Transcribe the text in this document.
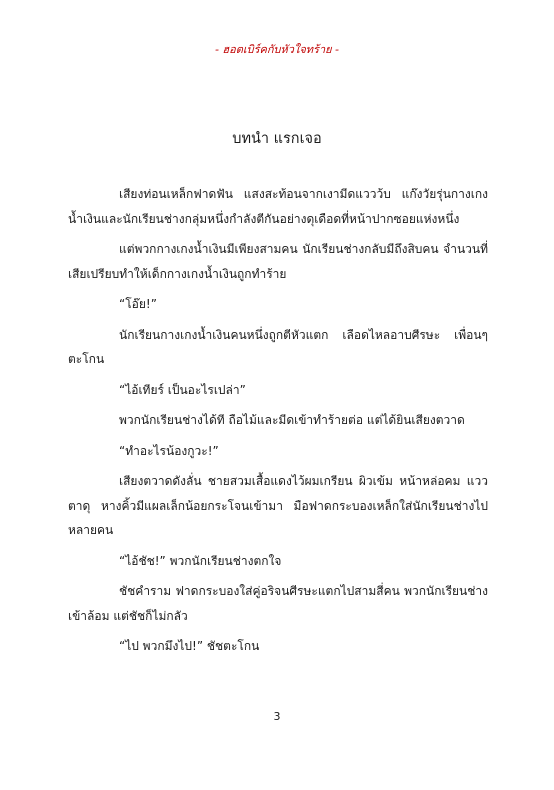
- ฮอตเบิร์คกับหัวใจทร้าย -
บทนำ แรกเจอ

เสียงท่อนเหล็กฟาดฟัน แสงสะท้อนจากเงามีดแววว้บ แก๊งวัยรุ่นกางเกงน้ำเงินและนักเรียนช่างกลุ่มหนึ่งกำลังตีกันอย่างดุเดือดที่หน้าปากซอยแห่งหนึ่ง

แต่พวกกางเกงน้ำเงินมีเพียงสามคน นักเรียนช่างกลับมีถึงสิบคน จำนวนที่เสียเปรียบทำให้เด็กกางเกงน้ำเงินถูกทำร้าย

“โอ๊ย!”

นักเรียนกางเกงน้ำเงินคนหนึ่งถูกตีหัวแตก เลือดไหลอาบศีรษะ เพื่อนๆตะโกน

“ไอ้เทียร์ เป็นอะไรเปล่า”

พวกนักเรียนช่างได้ที ถือไม้และมีดเข้าทำร้ายต่อ แต่ได้ยินเสียงตวาด

“ทำอะไรน้องกูวะ!”

เสียงตวาดดังลั่น ชายสวมเสื้อแดงไว้ผมเกรียน ผิวเข้ม หน้าหล่อคม แววตาดุ หางคิ้วมีแผลเล็กน้อยกระโจนเข้ามา มือฟาดกระบองเหล็กใส่นักเรียนช่างไปหลายคน

“ไอ้ชัช!” พวกนักเรียนช่างตกใจ

ชัชคำราม ฟาดกระบองใส่คู่อริจนศีรษะแตกไปสามสี่คน พวกนักเรียนช่างเข้าล้อม แต่ชัชก็ไม่กลัว

“ไป พวกมึงไป!” ชัชตะโกน

3
